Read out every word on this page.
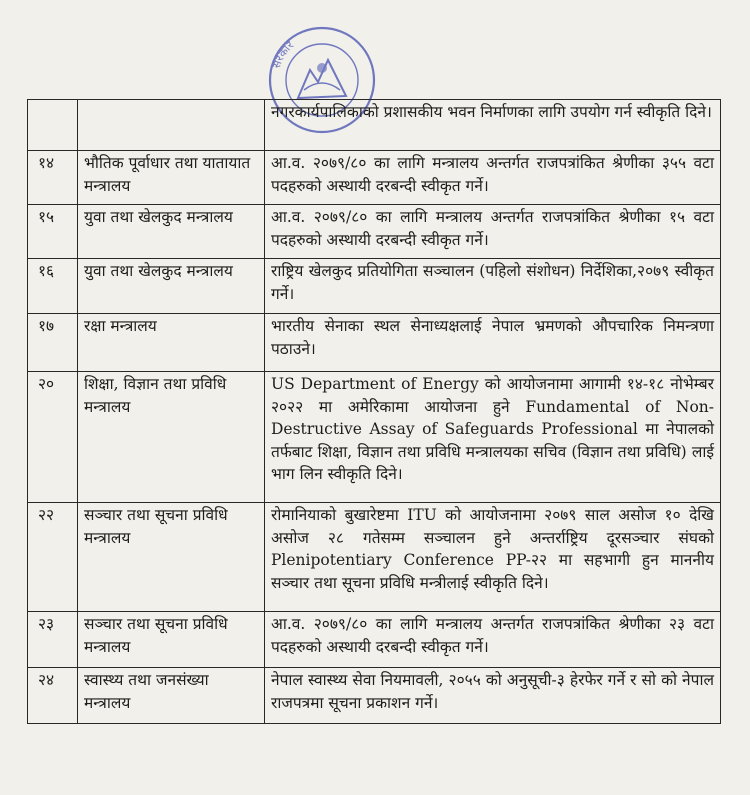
सरकार
		नगरकार्यपालिकाको प्रशासकीय भवन निर्माणका लागि उपयोग गर्न स्वीकृति दिने।
१४	भौतिक पूर्वाधार तथा यातायात मन्त्रालय	आ.व. २०७९/८० का लागि मन्त्रालय अन्तर्गत राजपत्रांकित श्रेणीका ३५५ वटा पदहरुको अस्थायी दरबन्दी स्वीकृत गर्ने।
१५	युवा तथा खेलकुद मन्त्रालय	आ.व. २०७९/८० का लागि मन्त्रालय अन्तर्गत राजपत्रांकित श्रेणीका १५ वटा पदहरुको अस्थायी दरबन्दी स्वीकृत गर्ने।
१६	युवा तथा खेलकुद मन्त्रालय	राष्ट्रिय खेलकुद प्रतियोगिता सञ्चालन (पहिलो संशोधन) निर्देशिका,२०७९ स्वीकृत गर्ने।
१७	रक्षा मन्त्रालय	भारतीय सेनाका स्थल सेनाध्यक्षलाई नेपाल भ्रमणको औपचारिक निमन्त्रणा पठाउने।
२०	शिक्षा, विज्ञान तथा प्रविधि मन्त्रालय	US Department of Energy को आयोजनामा आगामी १४-१८ नोभेम्बर २०२२ मा अमेरिकामा आयोजना हुने Fundamental of Non-Destructive Assay of Safeguards Professional मा नेपालको तर्फबाट शिक्षा, विज्ञान तथा प्रविधि मन्त्रालयका सचिव (विज्ञान तथा प्रविधि) लाई भाग लिन स्वीकृति दिने।
२२	सञ्चार तथा सूचना प्रविधि मन्त्रालय	रोमानियाको बुखारेष्टमा ITU को आयोजनामा २०७९ साल असोज १० देखि असोज २८ गतेसम्म सञ्चालन हुने अन्तर्राष्ट्रिय दूरसञ्चार संघको Plenipotentiary Conference PP-२२ मा सहभागी हुन माननीय सञ्चार तथा सूचना प्रविधि मन्त्रीलाई स्वीकृति दिने।
२३	सञ्चार तथा सूचना प्रविधि मन्त्रालय	आ.व. २०७९/८० का लागि मन्त्रालय अन्तर्गत राजपत्रांकित श्रेणीका २३ वटा पदहरुको अस्थायी दरबन्दी स्वीकृत गर्ने।
२४	स्वास्थ्य तथा जनसंख्या मन्त्रालय	नेपाल स्वास्थ्य सेवा नियमावली, २०५५ को अनुसूची-३ हेरफेर गर्ने र सो को नेपाल राजपत्रमा सूचना प्रकाशन गर्ने।
